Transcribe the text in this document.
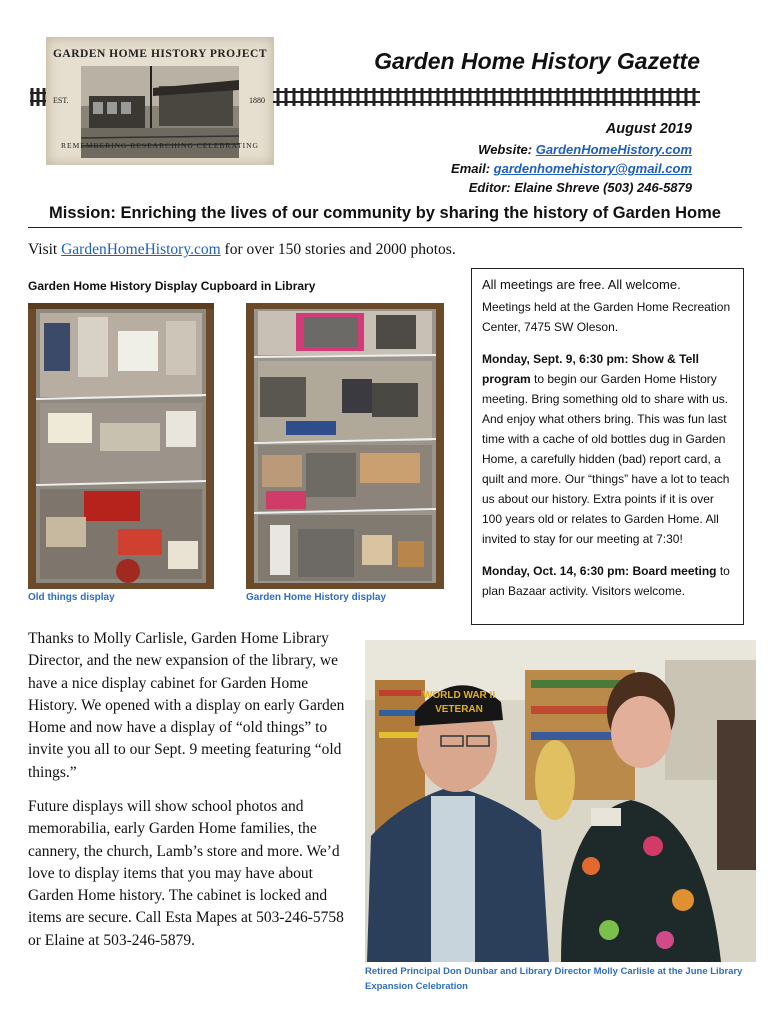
GARDEN HOME HISTORY PROJECT
EST.	1880
REMEMBERING RESEARCHING CELEBRATING
Garden Home History Gazette
August 2019
Website: GardenHomeHistory.com
Email: gardenhomehistory@gmail.com
Editor: Elaine Shreve (503) 246-5879
Mission: Enriching the lives of our community by sharing the history of Garden Home
Visit GardenHomeHistory.com for over 150 stories and 2000 photos.
Garden Home History Display Cupboard in Library
Old things display	Garden Home History display

All meetings are free. All welcome.

Meetings held at the Garden Home Recreation Center, 7475 SW Oleson.

Monday, Sept. 9, 6:30 pm: Show & Tell program to begin our Garden Home History meeting. Bring something old to share with us. And enjoy what others bring. This was fun last time with a cache of old bottles dug in Garden Home, a carefully hidden (bad) report card, a quilt and more. Our “things” have a lot to teach us about our history. Extra points if it is over 100 years old or relates to Garden Home. All invited to stay for our meeting at 7:30!

Monday, Oct. 14, 6:30 pm: Board meeting to plan Bazaar activity. Visitors welcome.

Thanks to Molly Carlisle, Garden Home Library Director, and the new expansion of the library, we have a nice display cabinet for Garden Home History. We opened with a display on early Garden Home and now have a display of “old things” to invite you all to our Sept. 9 meeting featuring “old things.”
Future displays will show school photos and memorabilia, early Garden Home families, the cannery, the church, Lamb’s store and more. We’d love to display items that you may have about Garden Home history. The cabinet is locked and items are secure. Call Esta Mapes at 503-246-5758 or Elaine at 503-246-5879.
WORLD WAR II
VETERAN
Retired Principal Don Dunbar and Library Director Molly Carlisle at the June Library Expansion Celebration
